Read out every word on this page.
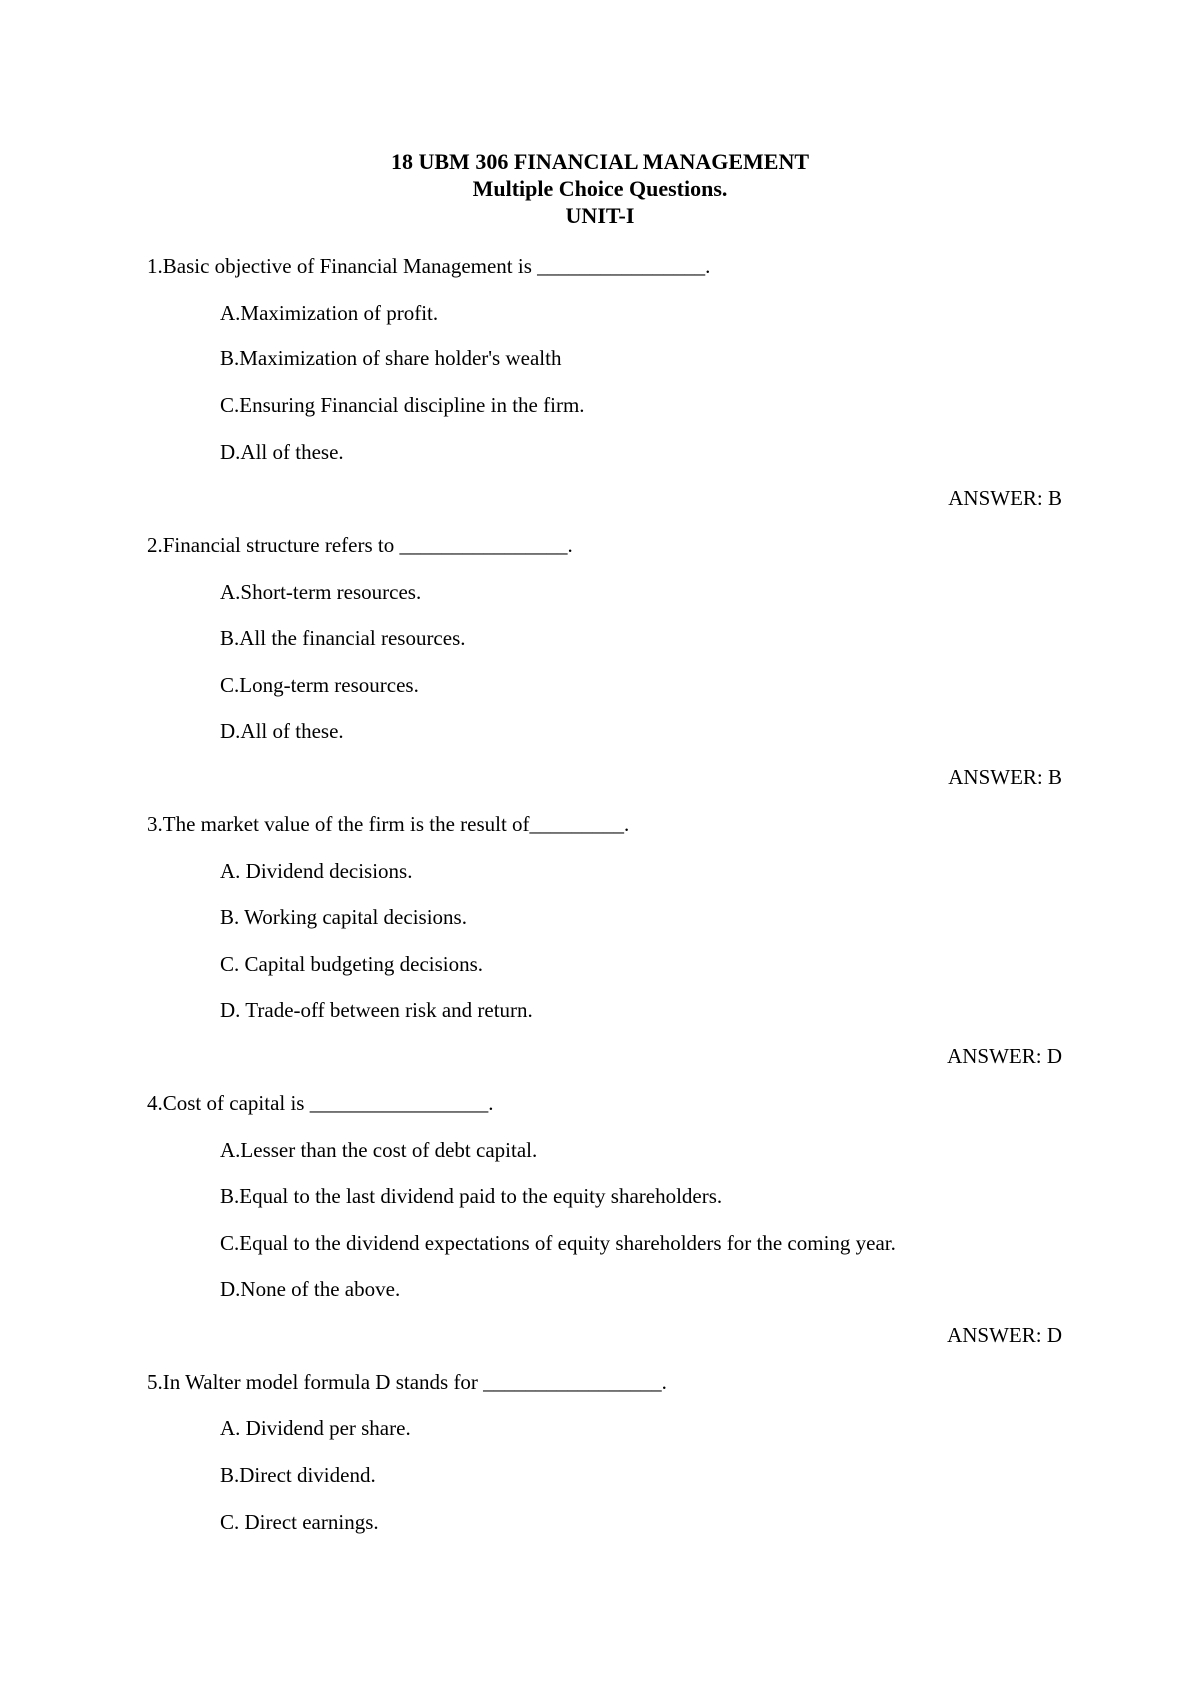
18 UBM 306 FINANCIAL MANAGEMENT
Multiple Choice Questions.
UNIT-I
1.Basic objective of Financial Management is ________________.
A.Maximization of profit.
B.Maximization of share holder's wealth
C.Ensuring Financial discipline in the firm.
D.All of these.
ANSWER: B
2.Financial structure refers to ________________.
A.Short-term resources.
B.All the financial resources.
C.Long-term resources.
D.All of these.
ANSWER: B
3.The market value of the firm is the result of_________.
A. Dividend decisions.
B. Working capital decisions.
C. Capital budgeting decisions.
D. Trade-off between risk and return.
ANSWER: D
4.Cost of capital is _________________.
A.Lesser than the cost of debt capital.
B.Equal to the last dividend paid to the equity shareholders.
C.Equal to the dividend expectations of equity shareholders for the coming year.
D.None of the above.
ANSWER: D
5.In Walter model formula D stands for _________________.
A. Dividend per share.
B.Direct dividend.
C. Direct earnings.
